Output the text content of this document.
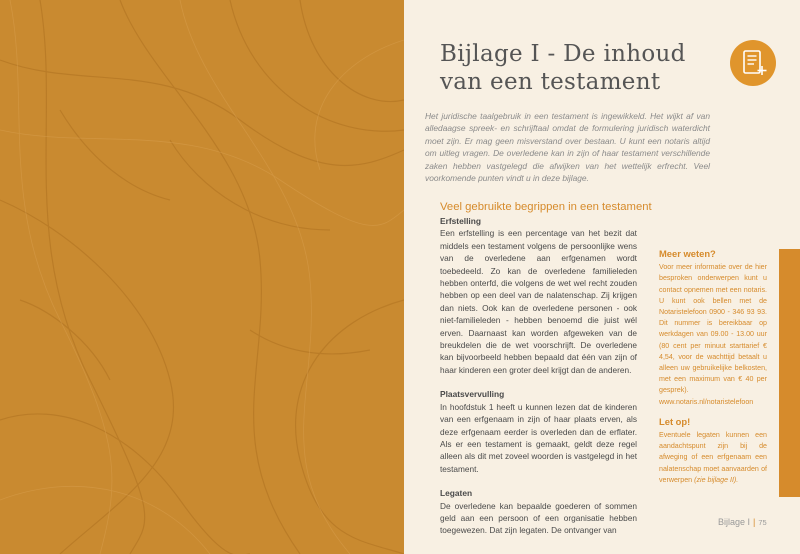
Bijlage I - De inhoud van een testament

Het juridische taalgebruik in een testament is ingewikkeld. Het wijkt af van alledaagse spreek- en schrijftaal omdat de formulering juridisch waterdicht moet zijn. Er mag geen misverstand over bestaan. U kunt een notaris altijd om uitleg vragen. De overledene kan in zijn of haar testament verschillende zaken hebben vastgelegd die afwijken van het wettelijk erfrecht. Veel voorkomende punten vindt u in deze bijlage.

Veel gebruikte begrippen in een testament
Erfstelling

Een erfstelling is een percentage van het bezit dat middels een testament volgens de persoonlijke wens van de overledene aan erfgenamen wordt toebedeeld. Zo kan de overledene familieleden hebben onterfd, die volgens de wet wel recht zouden hebben op een deel van de nalatenschap. Zij krijgen dan niets. Ook kan de overledene personen - ook niet-familieleden - hebben benoemd die juist wél erven. Daarnaast kan worden afgeweken van de breukdelen die de wet voorschrijft. De overledene kan bijvoorbeeld hebben bepaald dat één van zijn of haar kinderen een groter deel krijgt dan de anderen.

Plaatsvervulling

In hoofdstuk 1 heeft u kunnen lezen dat de kinderen van een erfgenaam in zijn of haar plaats erven, als deze erfgenaam eerder is overleden dan de erflater. Als er een testament is gemaakt, geldt deze regel alleen als dit met zoveel woorden is vastgelegd in het testament.

Legaten

De overledene kan bepaalde goederen of sommen geld aan een persoon of een organisatie hebben toegewezen. Dat zijn legaten. De ontvanger van

Meer weten?

Voor meer informatie over de hier besproken onderwerpen kunt u contact opnemen met een notaris. U kunt ook bellen met de Notaristelefoon 0900 - 346 93 93. Dit nummer is bereikbaar op werkdagen van 09.00 - 13.00 uur (80 cent per minuut starttarief € 4,54, voor de wachttijd betaalt u alleen uw gebruikelijke belkosten, met een maximum van € 40 per gesprek). www.notaris.nl/notaristelefoon

Let op!

Eventuele legaten kunnen een aandachtspunt zijn bij de afweging of een erfgenaam een nalatenschap moet aanvaarden of verwerpen (zie bijlage II).

Bijlage I | 75
